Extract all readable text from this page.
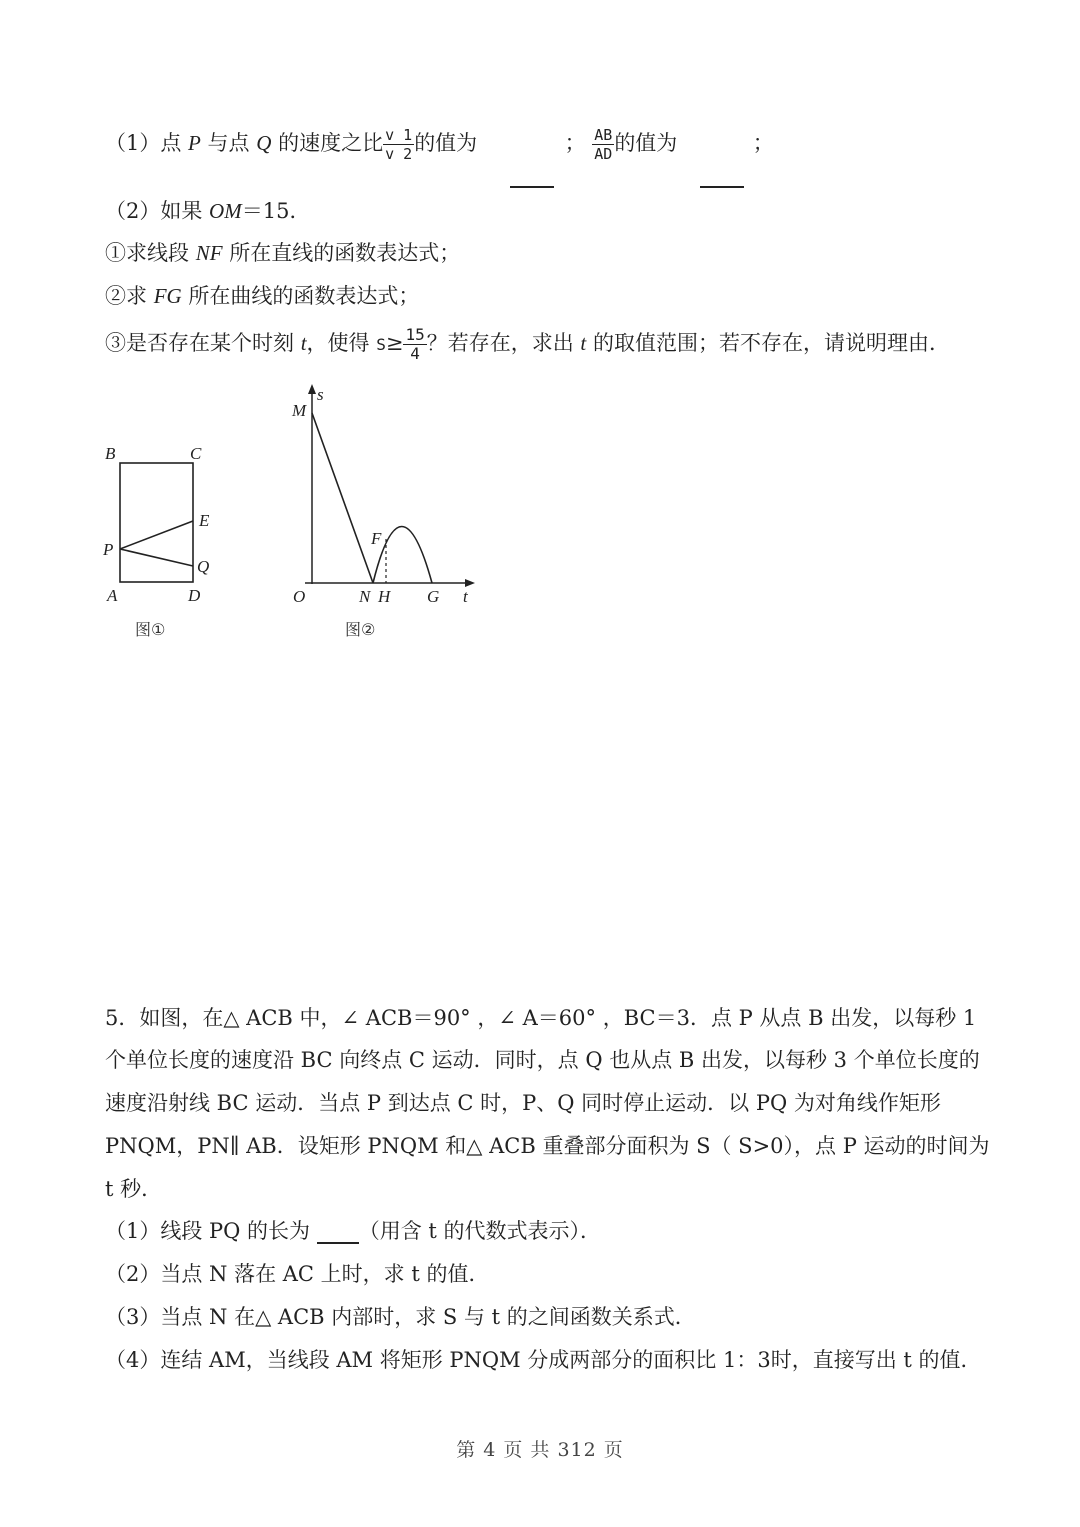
（1）点 P 与点 Q 的速度之比 $\frac{v 1}{v 2}$ 的值为	； $\frac{AB}{AD}$ 的值为	；
（2）如果 OM＝15．
①求线段 NF 所在直线的函数表达式；
②求 FG 所在曲线的函数表达式；
③是否存在某个时刻 t，使得 $S\ge \frac{15}{4}$ ？若存在，求出 t 的取值范围；若不存在，请说明理由．
B	C
E
P
Q
A	D
图①
M
s
F
O	N H G t
图②
5．如图，在△ ACB 中，∠ ACB＝90° ，∠ A＝60° ，BC＝3．点 P 从点 B 出发，以每秒 1
个单位长度的速度沿 BC 向终点 C 运动．同时，点 Q 也从点 B 出发，以每秒 3 个单位长度的
速度沿射线 BC 运动．当点 P 到达点 C 时，P、Q 同时停止运动．以 PQ 为对角线作矩形
PNQM，PN∥ AB．设矩形 PNQM 和△ ACB 重叠部分面积为 S（ S>0），点 P 运动的时间为
t 秒．
（1）线段 PQ 的长为 （用含 t 的代数式表示）．
（2）当点 N 落在 AC 上时，求 t 的值．
（3）当点 N 在△ ACB 内部时，求 S 与 t 的之间函数关系式．
（4）连结 AM，当线段 AM 将矩形 PNQM 分成两部分的面积比 1：3时，直接写出 t 的值．
第 4 页 共 312 页
